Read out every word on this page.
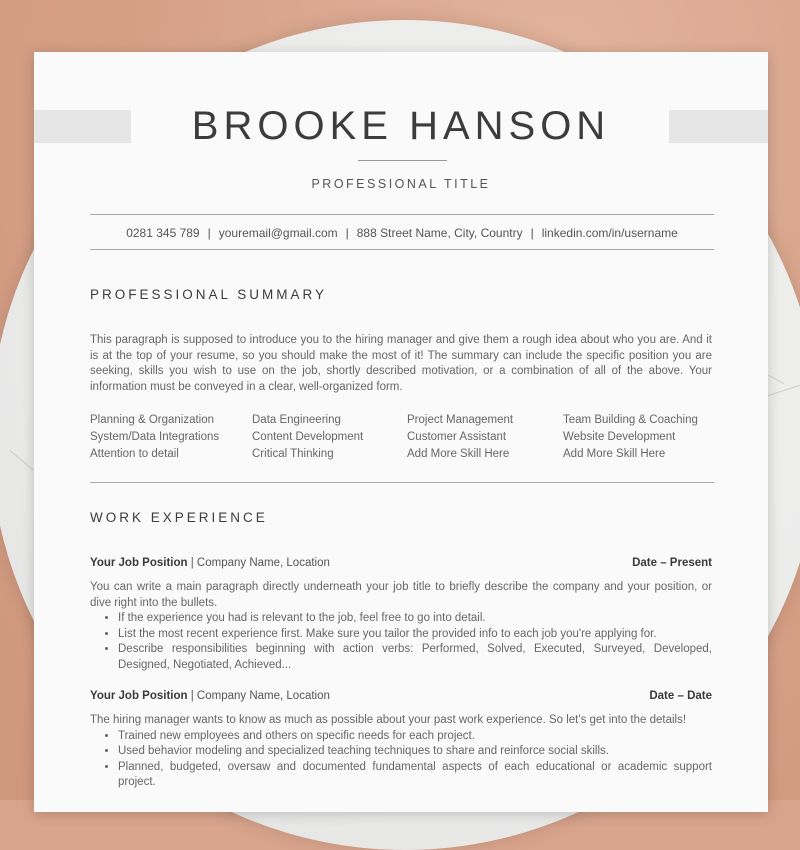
BROOKE HANSON
PROFESSIONAL TITLE
0281 345 789 | youremail@gmail.com | 888 Street Name, City, Country | linkedin.com/in/username
PROFESSIONAL SUMMARY
This paragraph is supposed to introduce you to the hiring manager and give them a rough idea about who you are. And it is at the top of your resume, so you should make the most of it! The summary can include the specific position you are seeking, skills you wish to use on the job, shortly described motivation, or a combination of all of the above. Your information must be conveyed in a clear, well-organized form.
Planning & Organization
System/Data Integrations
Attention to detail
Data Engineering
Content Development
Critical Thinking
Project Management
Customer Assistant
Add More Skill Here
Team Building & Coaching
Website Development
Add More Skill Here
WORK EXPERIENCE
Your Job Position | Company Name, Location	Date – Present
You can write a main paragraph directly underneath your job title to briefly describe the company and your position, or dive right into the bullets.
• If the experience you had is relevant to the job, feel free to go into detail.
• List the most recent experience first. Make sure you tailor the provided info to each job you're applying for.
• Describe responsibilities beginning with action verbs: Performed, Solved, Executed, Surveyed, Developed, Designed, Negotiated, Achieved...
Your Job Position | Company Name, Location	Date – Date
The hiring manager wants to know as much as possible about your past work experience. So let's get into the details!
• Trained new employees and others on specific needs for each project.
• Used behavior modeling and specialized teaching techniques to share and reinforce social skills.
• Planned, budgeted, oversaw and documented fundamental aspects of each educational or academic support project.
